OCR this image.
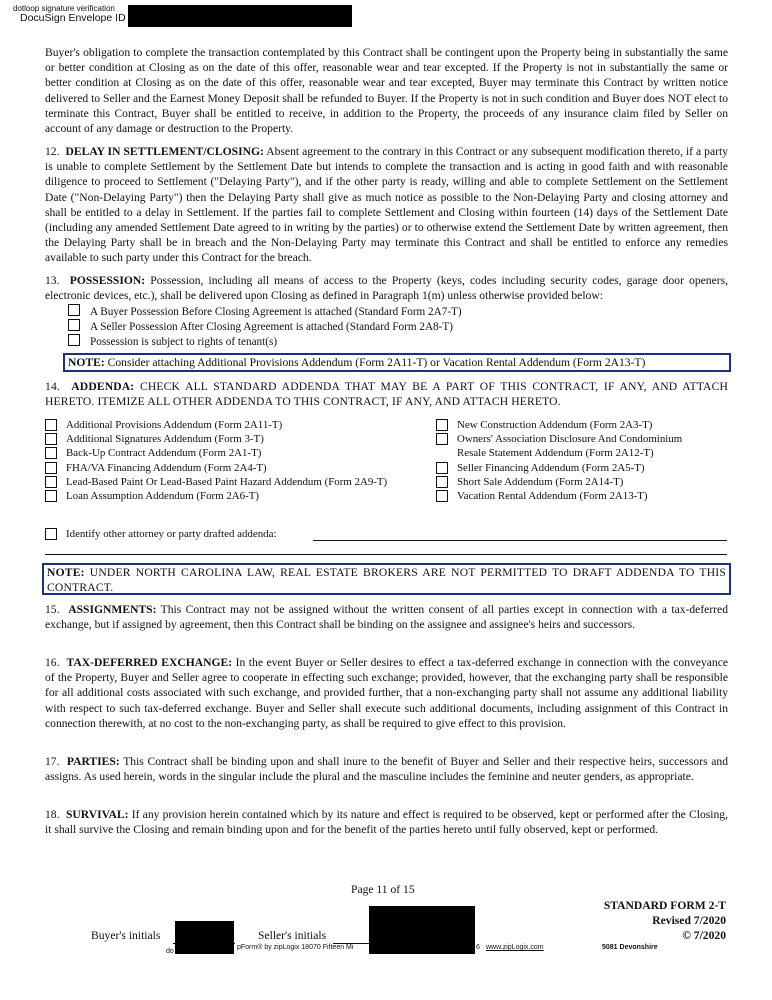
dotloop signature verification
DocuSign Envelope ID

Buyer's obligation to complete the transaction contemplated by this Contract shall be contingent upon the Property being in substantially the same or better condition at Closing as on the date of this offer, reasonable wear and tear excepted. If the Property is not in substantially the same or better condition at Closing as on the date of this offer, reasonable wear and tear excepted, Buyer may terminate this Contract by written notice delivered to Seller and the Earnest Money Deposit shall be refunded to Buyer. If the Property is not in such condition and Buyer does NOT elect to terminate this Contract, Buyer shall be entitled to receive, in addition to the Property, the proceeds of any insurance claim filed by Seller on account of any damage or destruction to the Property.

12. DELAY IN SETTLEMENT/CLOSING: Absent agreement to the contrary in this Contract or any subsequent modification thereto, if a party is unable to complete Settlement by the Settlement Date but intends to complete the transaction and is acting in good faith and with reasonable diligence to proceed to Settlement ("Delaying Party"), and if the other party is ready, willing and able to complete Settlement on the Settlement Date ("Non-Delaying Party") then the Delaying Party shall give as much notice as possible to the Non-Delaying Party and closing attorney and shall be entitled to a delay in Settlement. If the parties fail to complete Settlement and Closing within fourteen (14) days of the Settlement Date (including any amended Settlement Date agreed to in writing by the parties) or to otherwise extend the Settlement Date by written agreement, then the Delaying Party shall be in breach and the Non-Delaying Party may terminate this Contract and shall be entitled to enforce any remedies available to such party under this Contract for the breach.

13. POSSESSION: Possession, including all means of access to the Property (keys, codes including security codes, garage door openers, electronic devices, etc.), shall be delivered upon Closing as defined in Paragraph 1(m) unless otherwise provided below:

A Buyer Possession Before Closing Agreement is attached (Standard Form 2A7-T)
A Seller Possession After Closing Agreement is attached (Standard Form 2A8-T)
Possession is subject to rights of tenant(s)
NOTE: Consider attaching Additional Provisions Addendum (Form 2A11-T) or Vacation Rental Addendum (Form 2A13-T)

14. ADDENDA: CHECK ALL STANDARD ADDENDA THAT MAY BE A PART OF THIS CONTRACT, IF ANY, AND ATTACH HERETO. ITEMIZE ALL OTHER ADDENDA TO THIS CONTRACT, IF ANY, AND ATTACH HERETO.

Additional Provisions Addendum (Form 2A11-T)
Additional Signatures Addendum (Form 3-T)
Back-Up Contract Addendum (Form 2A1-T)
FHA/VA Financing Addendum (Form 2A4-T)
Lead-Based Paint Or Lead-Based Paint Hazard Addendum (Form 2A9-T)
Loan Assumption Addendum (Form 2A6-T)
New Construction Addendum (Form 2A3-T)
Owners' Association Disclosure And Condominium
Resale Statement Addendum (Form 2A12-T)
Seller Financing Addendum (Form 2A5-T)
Short Sale Addendum (Form 2A14-T)
Vacation Rental Addendum (Form 2A13-T)
Identify other attorney or party drafted addenda:
NOTE: UNDER NORTH CAROLINA LAW, REAL ESTATE BROKERS ARE NOT PERMITTED TO DRAFT ADDENDA TO THIS CONTRACT.

15. ASSIGNMENTS: This Contract may not be assigned without the written consent of all parties except in connection with a tax-deferred exchange, but if assigned by agreement, then this Contract shall be binding on the assignee and assignee's heirs and successors.

16. TAX-DEFERRED EXCHANGE: In the event Buyer or Seller desires to effect a tax-deferred exchange in connection with the conveyance of the Property, Buyer and Seller agree to cooperate in effecting such exchange; provided, however, that the exchanging party shall be responsible for all additional costs associated with such exchange, and provided further, that a non-exchanging party shall not assume any additional liability with respect to such tax-deferred exchange. Buyer and Seller shall execute such additional documents, including assignment of this Contract in connection therewith, at no cost to the non-exchanging party, as shall be required to give effect to this provision.

17. PARTIES: This Contract shall be binding upon and shall inure to the benefit of Buyer and Seller and their respective heirs, successors and assigns. As used herein, words in the singular include the plural and the masculine includes the feminine and neuter genders, as appropriate.

18. SURVIVAL: If any provision herein contained which by its nature and effect is required to be observed, kept or performed after the Closing, it shall survive the Closing and remain binding upon and for the benefit of the parties hereto until fully observed, kept or performed.

Page 11 of 15
Buyer's initials	Seller's initials
do
pForm® by zipLogix 18070 Fifteen Mi	6 www.zipLogix.com	5081 Devonshire
STANDARD FORM 2-T
Revised 7/2020
© 7/2020
